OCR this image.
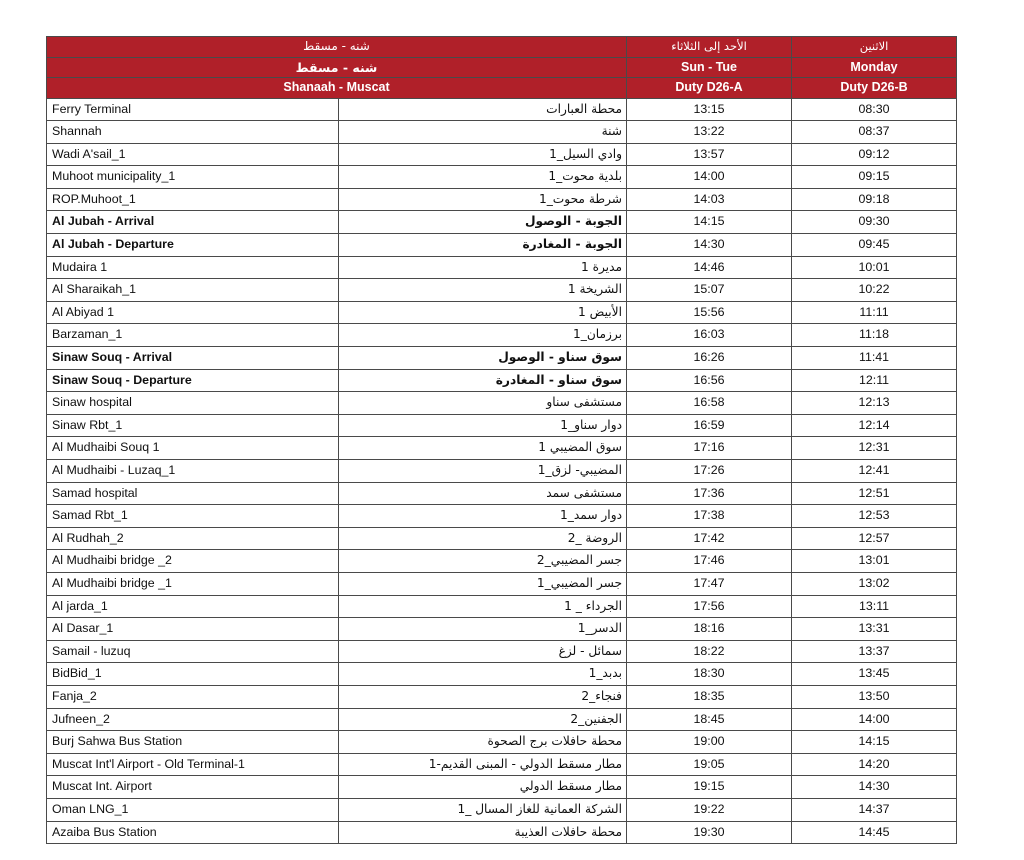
شنه - مسقط		الأحد إلى الثلاثاء	الاثنين
شنه - مسقط		Sun - Tue	Monday
Shanaah - Muscat		Duty D26-A	Duty D26-B
Ferry Terminal	محطة العبارات	13:15	08:30
Shannah	شنة	13:22	08:37
Wadi A'sail_1	وادي السيل_1	13:57	09:12
Muhoot municipality_1	بلدية محوت_1	14:00	09:15
ROP.Muhoot_1	شرطة محوت_1	14:03	09:18
Al Jubah - Arrival	الجوبة - الوصول	14:15	09:30
Al Jubah - Departure	الجوبة - المغادرة	14:30	09:45
Mudaira 1	مديرة 1	14:46	10:01
Al Sharaikah_1	الشريخة 1	15:07	10:22
Al Abiyad 1	الأبيض 1	15:56	11:11
Barzaman_1	برزمان_1	16:03	11:18
Sinaw Souq - Arrival	سوق سناو - الوصول	16:26	11:41
Sinaw Souq - Departure	سوق سناو - المغادرة	16:56	12:11
Sinaw hospital	مستشفى سناو	16:58	12:13
Sinaw Rbt_1	دوار سناو_1	16:59	12:14
Al Mudhaibi Souq 1	سوق المضيبي 1	17:16	12:31
Al Mudhaibi - Luzaq_1	المضيبي- لزق_1	17:26	12:41
Samad hospital	مستشفى سمد	17:36	12:51
Samad Rbt_1	دوار سمد_1	17:38	12:53
Al Rudhah_2	الروضة _2	17:42	12:57
Al Mudhaibi bridge _2	جسر المضيبي_2	17:46	13:01
Al Mudhaibi bridge _1	جسر المضيبي_1	17:47	13:02
Al jarda_1	الجرداء _ 1	17:56	13:11
Al Dasar_1	الدسر_1	18:16	13:31
Samail - luzuq	سمائل - لزغ	18:22	13:37
BidBid_1	بدبد_1	18:30	13:45
Fanja_2	فنجاء_2	18:35	13:50
Jufneen_2	الجفنين_2	18:45	14:00
Burj Sahwa Bus Station	محطة حافلات برج الصحوة	19:00	14:15
Muscat Int'l Airport - Old Terminal-1	مطار مسقط الدولي - المبنى القديم-1	19:05	14:20
Muscat Int. Airport	مطار مسقط الدولي	19:15	14:30
Oman LNG_1	الشركة العمانية للغاز المسال _1	19:22	14:37
Azaiba Bus Station	محطة حافلات العذيبة	19:30	14:45
